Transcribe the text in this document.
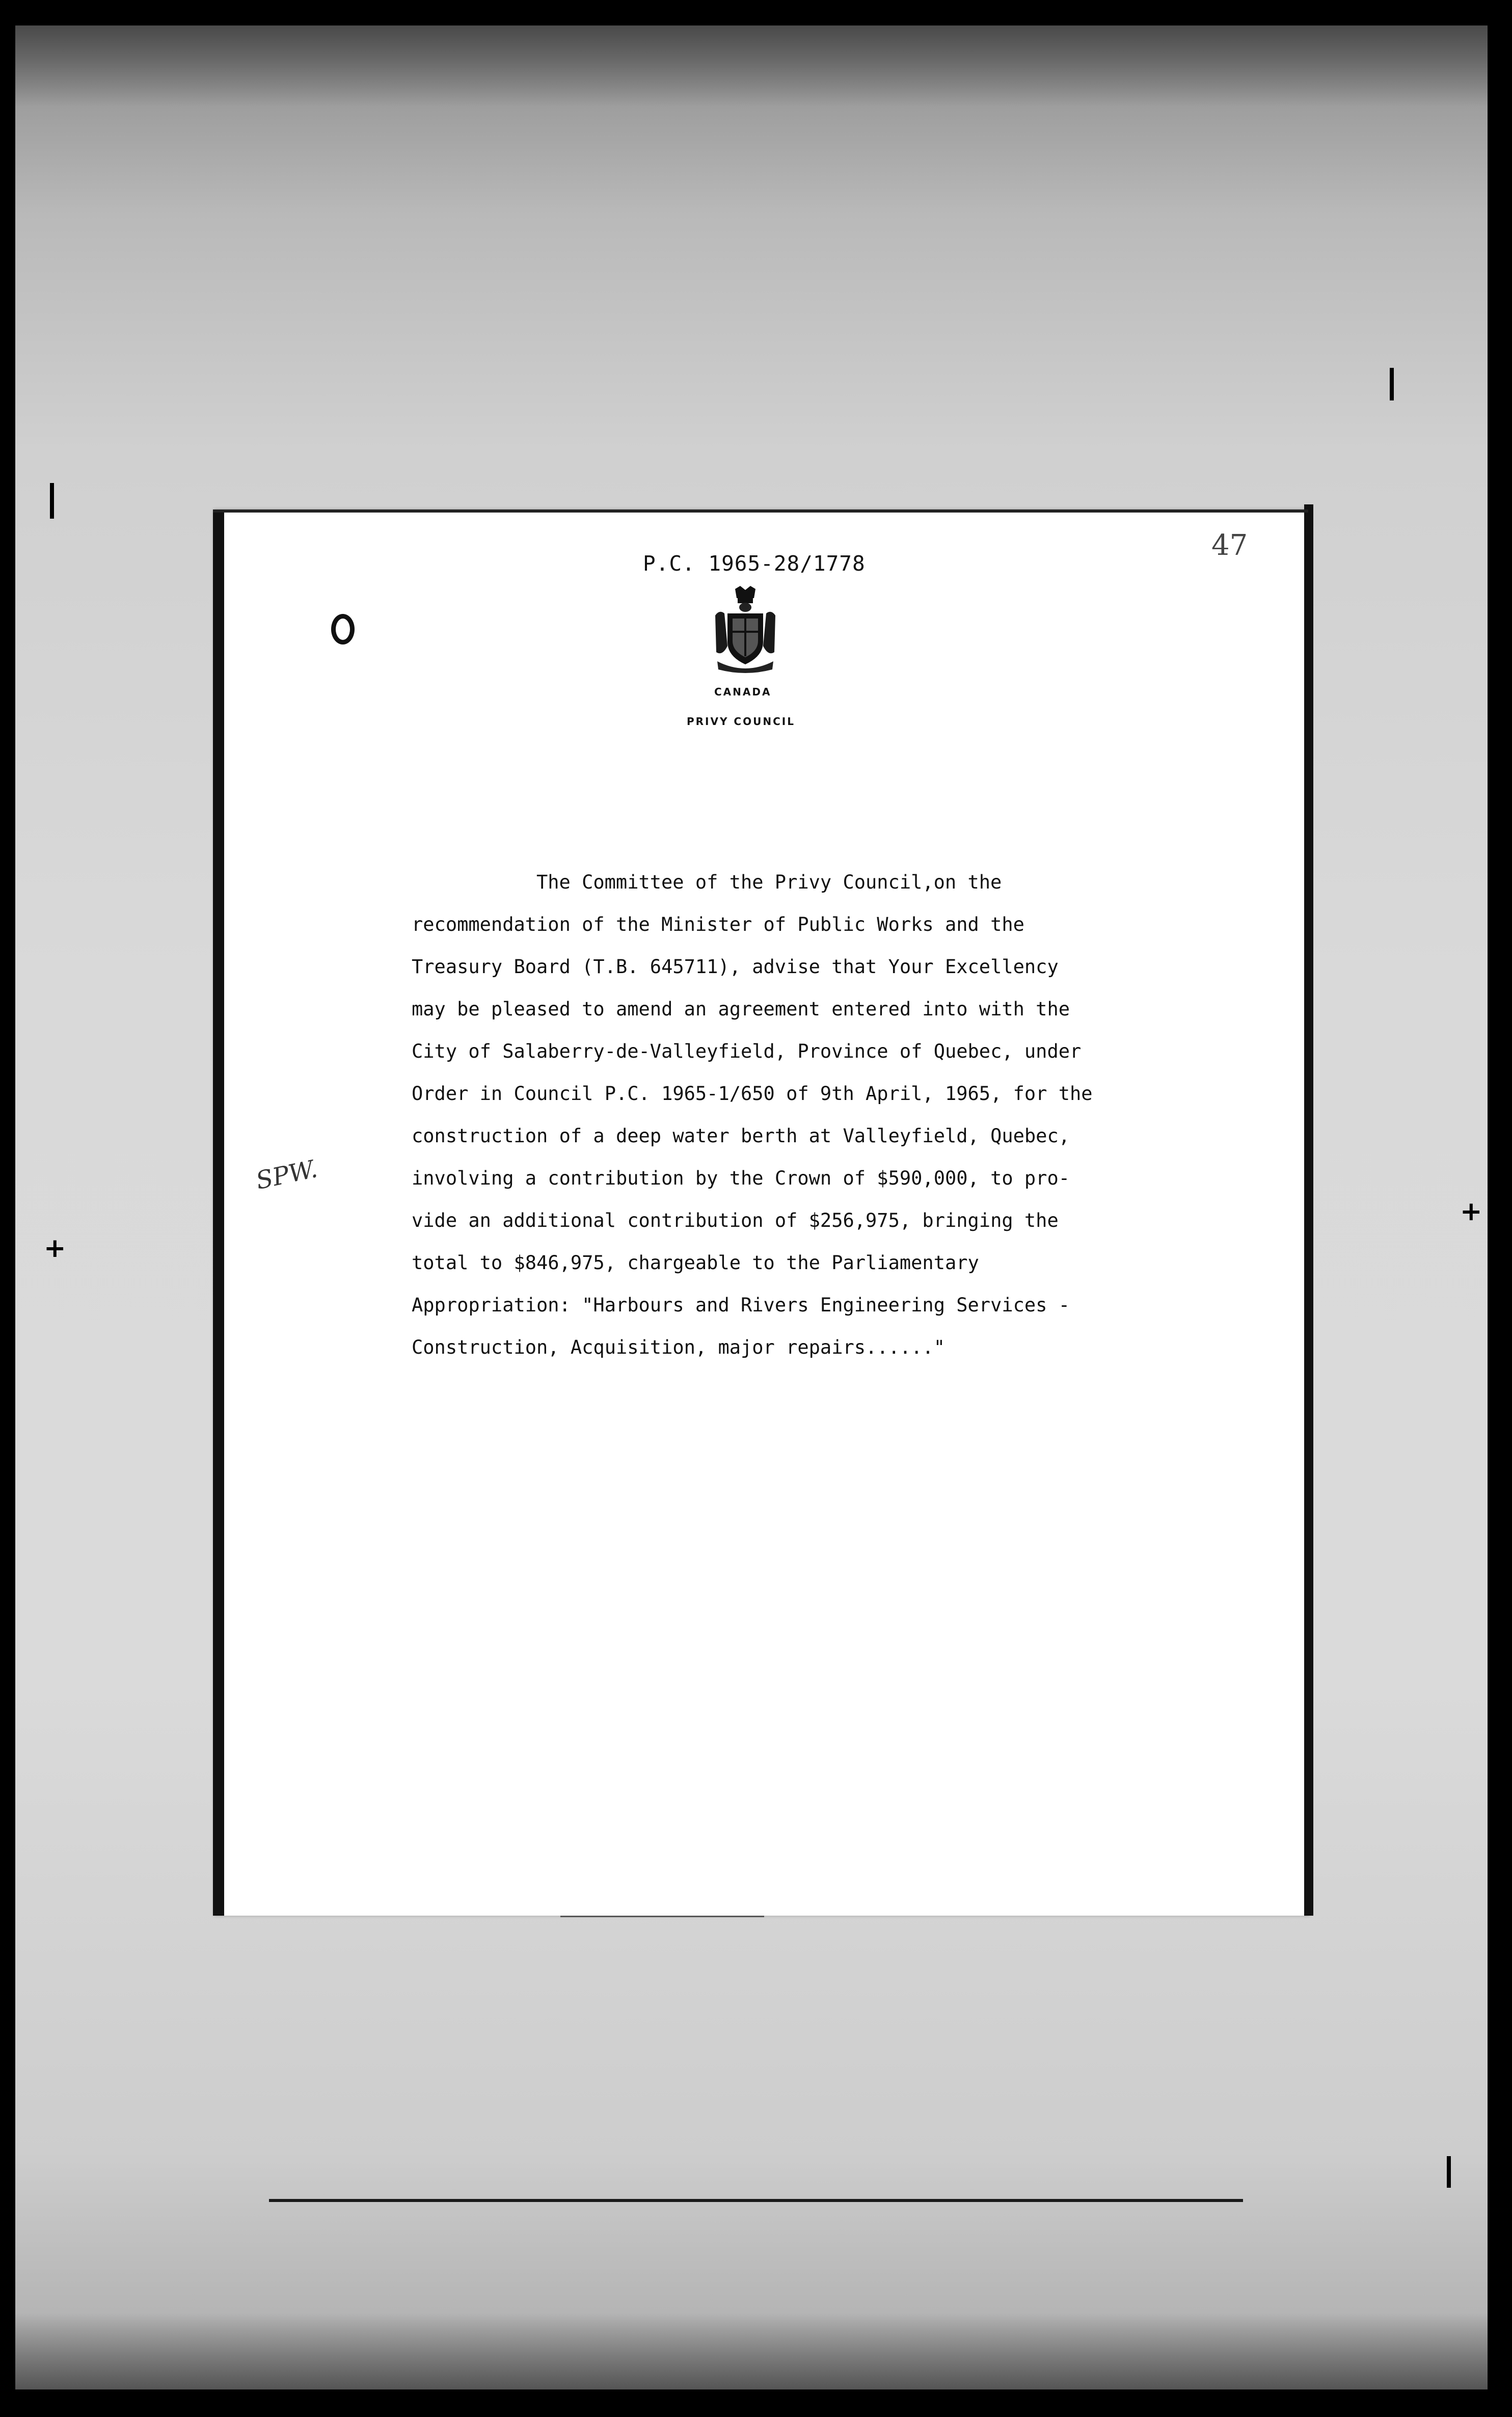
+
+
P.C. 1965-28/1778
47
CANADA
PRIVY COUNCIL
The Committee of the Privy Council,on the
recommendation of the Minister of Public Works and the
Treasury Board (T.B. 645711), advise that Your Excellency
may be pleased to amend an agreement entered into with the
City of Salaberry-de-Valleyfield, Province of Quebec, under
Order in Council P.C. 1965-1/650 of 9th April, 1965, for the
construction of a deep water berth at Valleyfield, Quebec,
involving a contribution by the Crown of $590,000, to pro-
vide an additional contribution of $256,975, bringing the
total to $846,975, chargeable to the Parliamentary
Appropriation: "Harbours and Rivers Engineering Services -
Construction, Acquisition, major repairs......"
SPW.
